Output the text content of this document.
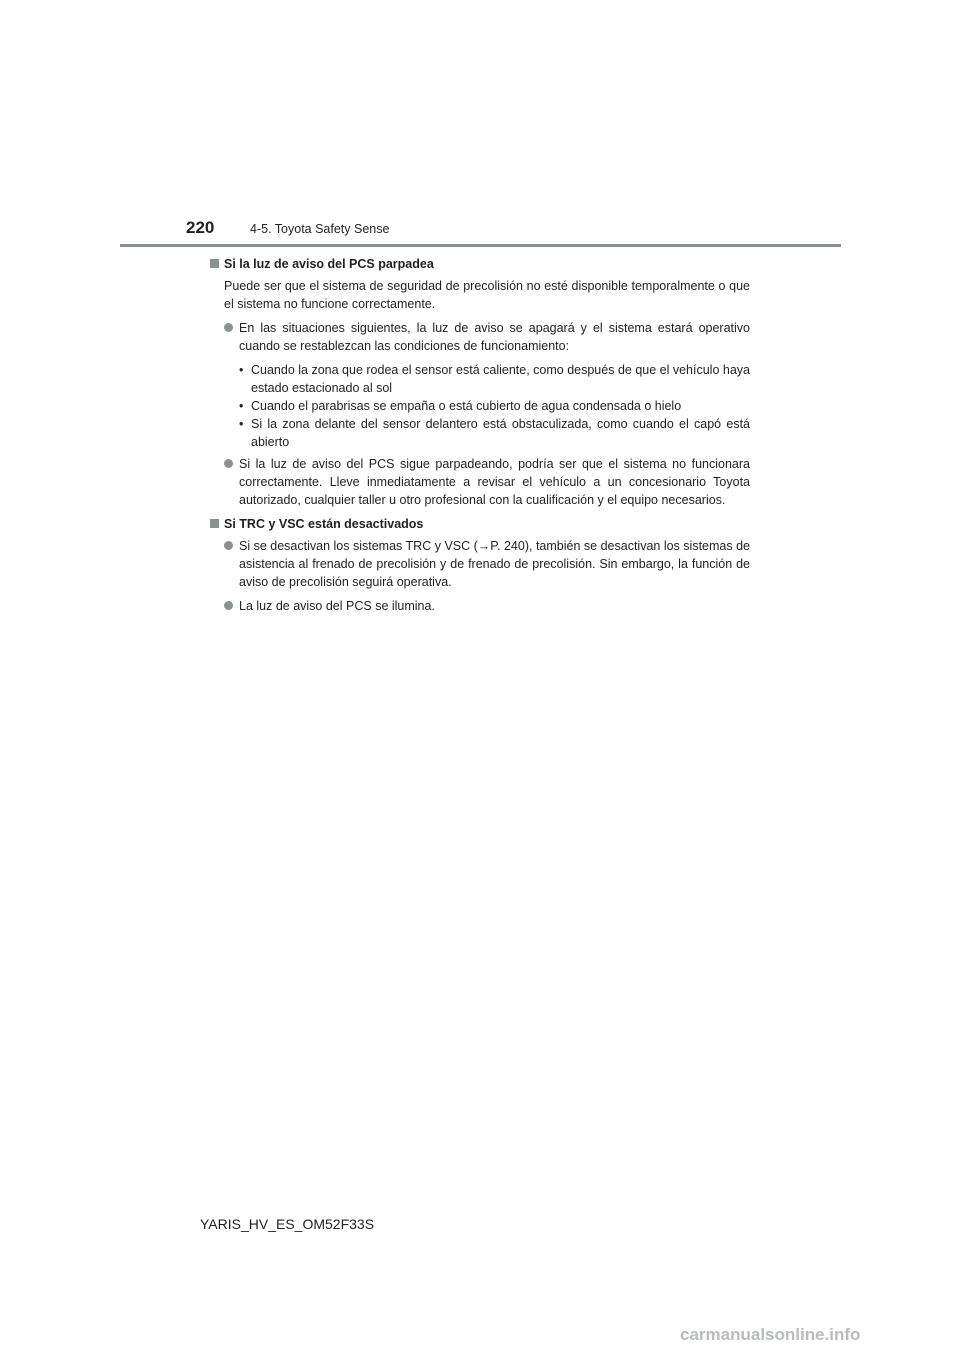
220	4-5. Toyota Safety Sense
Si la luz de aviso del PCS parpadea

Puede ser que el sistema de seguridad de precolisión no esté disponible temporalmente o que el sistema no funcione correctamente.

En las situaciones siguientes, la luz de aviso se apagará y el sistema estará operativo cuando se restablezcan las condiciones de funcionamiento:
• Cuando la zona que rodea el sensor está caliente, como después de que el vehículo haya estado estacionado al sol
• Cuando el parabrisas se empaña o está cubierto de agua condensada o hielo
• Si la zona delante del sensor delantero está obstaculizada, como cuando el capó está abierto
Si la luz de aviso del PCS sigue parpadeando, podría ser que el sistema no funcionara correctamente. Lleve inmediatamente a revisar el vehículo a un concesionario Toyota autorizado, cualquier taller u otro profesional con la cualificación y el equipo necesarios.
Si TRC y VSC están desactivados
Si se desactivan los sistemas TRC y VSC (→P. 240), también se desactivan los sistemas de asistencia al frenado de precolisión y de frenado de precolisión. Sin embargo, la función de aviso de precolisión seguirá operativa.
La luz de aviso del PCS se ilumina.
YARIS_HV_ES_OM52F33S
carmanualsonline.info
